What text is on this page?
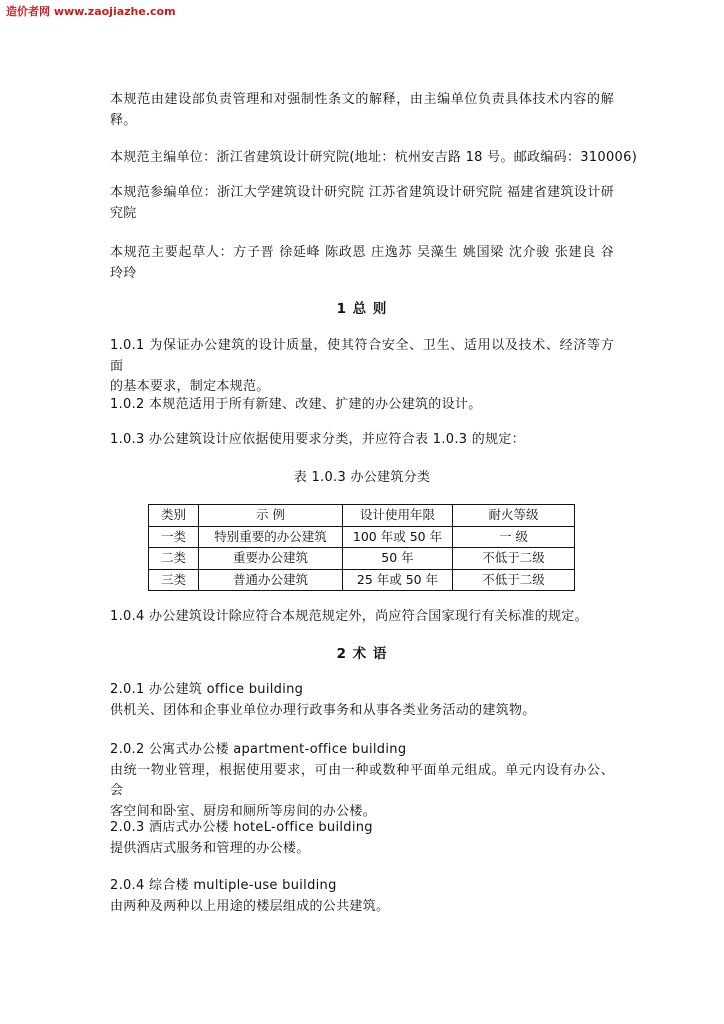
造价者网 www.zaojiazhe.com
本规范由建设部负责管理和对强制性条文的解释，由主编单位负责具体技术内容的解
释。
本规范主编单位：浙江省建筑设计研究院(地址：杭州安吉路 18 号。邮政编码：310006)
本规范参编单位：浙江大学建筑设计研究院 江苏省建筑设计研究院 福建省建筑设计研
究院
本规范主要起草人：方子晋 徐延峰 陈政恩 庄逸苏 吴藻生 姚国梁 沈介骏 张建良 谷
玲玲
1 总 则
1.0.1 为保证办公建筑的设计质量，使其符合安全、卫生、适用以及技术、经济等方面
的基本要求，制定本规范。
1.0.2 本规范适用于所有新建、改建、扩建的办公建筑的设计。
1.0.3 办公建筑设计应依据使用要求分类，并应符合表 1.0.3 的规定：
表 1.0.3 办公建筑分类
类别	示 例	设计使用年限	耐火等级
一类	特别重要的办公建筑	100 年或 50 年	一 级
二类	重要办公建筑	50 年	不低于二级
三类	普通办公建筑	25 年或 50 年	不低于二级
1.0.4 办公建筑设计除应符合本规范规定外，尚应符合国家现行有关标准的规定。
2 术 语
2.0.1 办公建筑 office building
供机关、团体和企事业单位办理行政事务和从事各类业务活动的建筑物。
2.0.2 公寓式办公楼 apartment-office building
由统一物业管理，根据使用要求，可由一种或数种平面单元组成。单元内设有办公、会
客空间和卧室、厨房和厕所等房间的办公楼。
2.0.3 酒店式办公楼 hoteL-office building
提供酒店式服务和管理的办公楼。
2.0.4 综合楼 multiple-use building
由两种及两种以上用途的楼层组成的公共建筑。
